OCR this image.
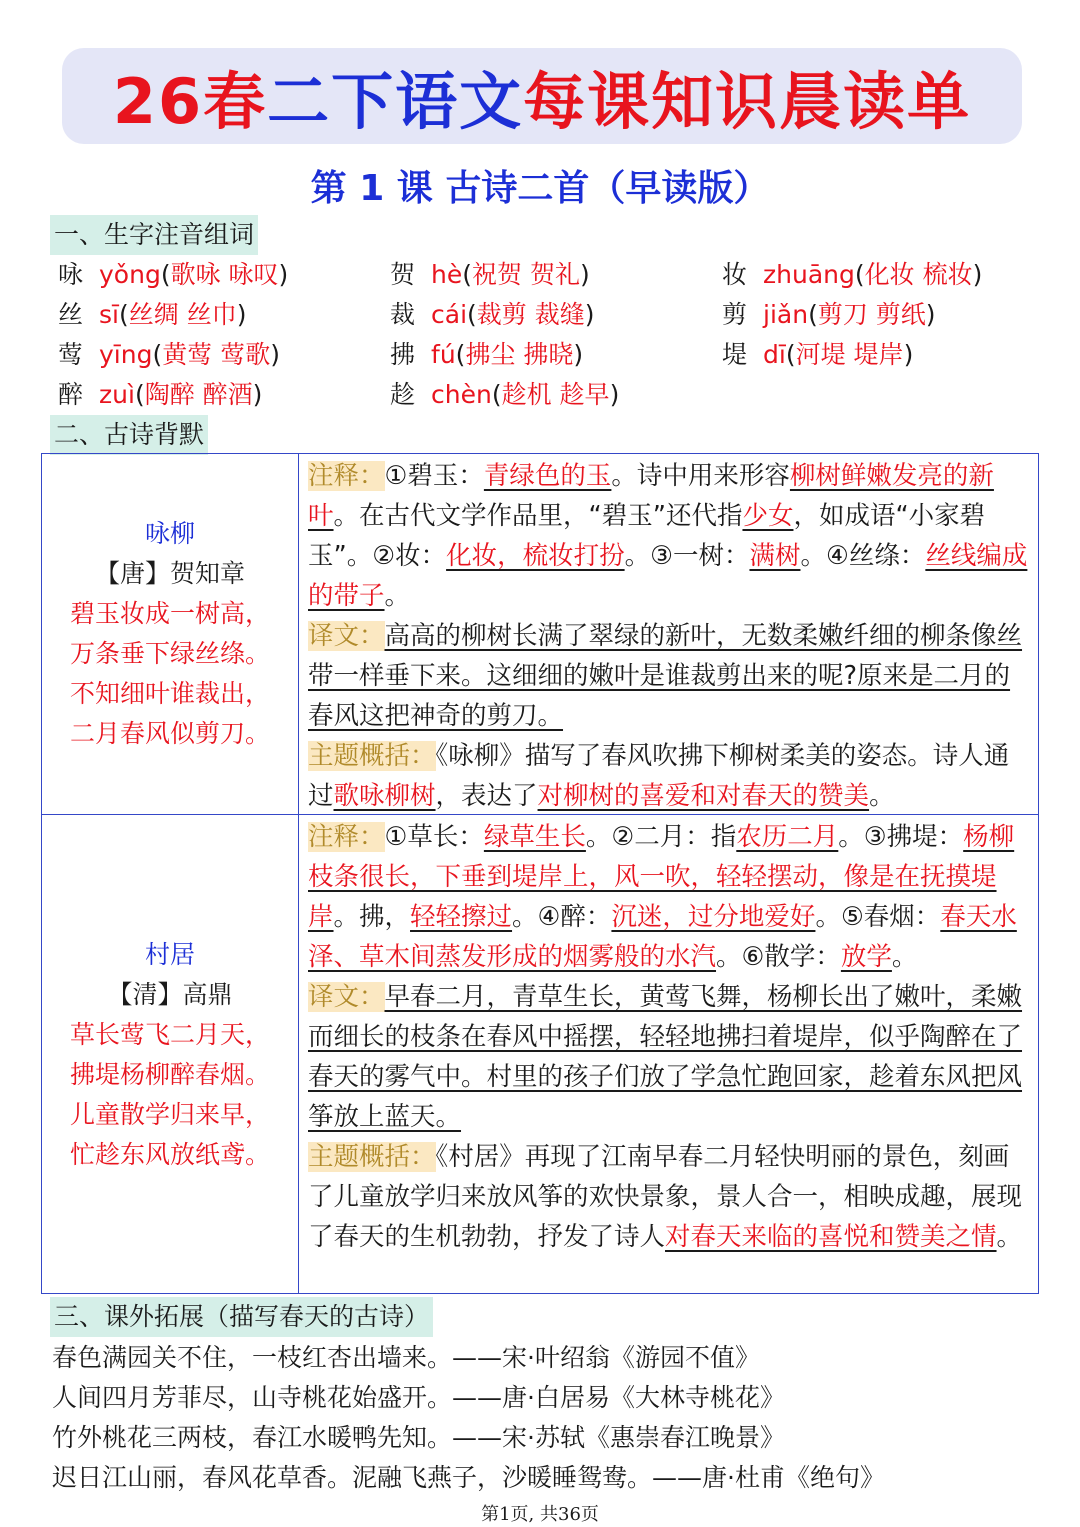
26春 二下语文 每课知识晨读单
第 1 课 古诗二首（早读版）
一、生字注音组词
咏 yǒng(歌咏 咏叹)	贺 hè(祝贺 贺礼)	妆 zhuāng(化妆 梳妆)
丝 sī(丝绸 丝巾)	裁 cái(裁剪 裁缝)	剪 jiǎn(剪刀 剪纸)
莺 yīng(黄莺 莺歌)	拂 fú(拂尘 拂晓)	堤 dī(河堤 堤岸)
醉 zuì(陶醉 醉酒)	趁 chèn(趁机 趁早)
二、古诗背默
咏柳
【唐】贺知章
碧玉妆成一树高，
万条垂下绿丝绦。
不知细叶谁裁出，
二月春风似剪刀。
注释：①碧玉：青绿色的玉。诗中用来形容柳树鲜嫩发亮的新叶。在古代文学作品里，“碧玉”还代指少女，如成语“小家碧玉”。②妆：化妆，梳妆打扮。③一树：满树。④丝绦：丝线编成的带子。
译文：高高的柳树长满了翠绿的新叶，无数柔嫩纤细的柳条像丝带一样垂下来。这细细的嫩叶是谁裁剪出来的呢?原来是二月的春风这把神奇的剪刀。
主题概括：《咏柳》描写了春风吹拂下柳树柔美的姿态。诗人通过歌咏柳树，表达了对柳树的喜爱和对春天的赞美。
村居
【清】高鼎
草长莺飞二月天，
拂堤杨柳醉春烟。
儿童散学归来早，
忙趁东风放纸鸢。
注释：①草长：绿草生长。②二月：指农历二月。③拂堤：杨柳枝条很长，下垂到堤岸上，风一吹，轻轻摆动，像是在抚摸堤岸。拂，轻轻擦过。④醉：沉迷，过分地爱好。⑤春烟：春天水泽、草木间蒸发形成的烟雾般的水汽。⑥散学：放学。
译文：早春二月，青草生长，黄莺飞舞，杨柳长出了嫩叶，柔嫩而细长的枝条在春风中摇摆，轻轻地拂扫着堤岸，似乎陶醉在了春天的雾气中。村里的孩子们放了学急忙跑回家，趁着东风把风筝放上蓝天。
主题概括：《村居》再现了江南早春二月轻快明丽的景色，刻画了儿童放学归来放风筝的欢快景象，景人合一，相映成趣，展现了春天的生机勃勃，抒发了诗人对春天来临的喜悦和赞美之情。
三、课外拓展（描写春天的古诗）
春色满园关不住，一枝红杏出墙来。——宋·叶绍翁《游园不值》
人间四月芳菲尽，山寺桃花始盛开。——唐·白居易《大林寺桃花》
竹外桃花三两枝，春江水暖鸭先知。——宋·苏轼《惠崇春江晚景》
迟日江山丽，春风花草香。泥融飞燕子，沙暖睡鸳鸯。——唐·杜甫《绝句》
第1页, 共36页
